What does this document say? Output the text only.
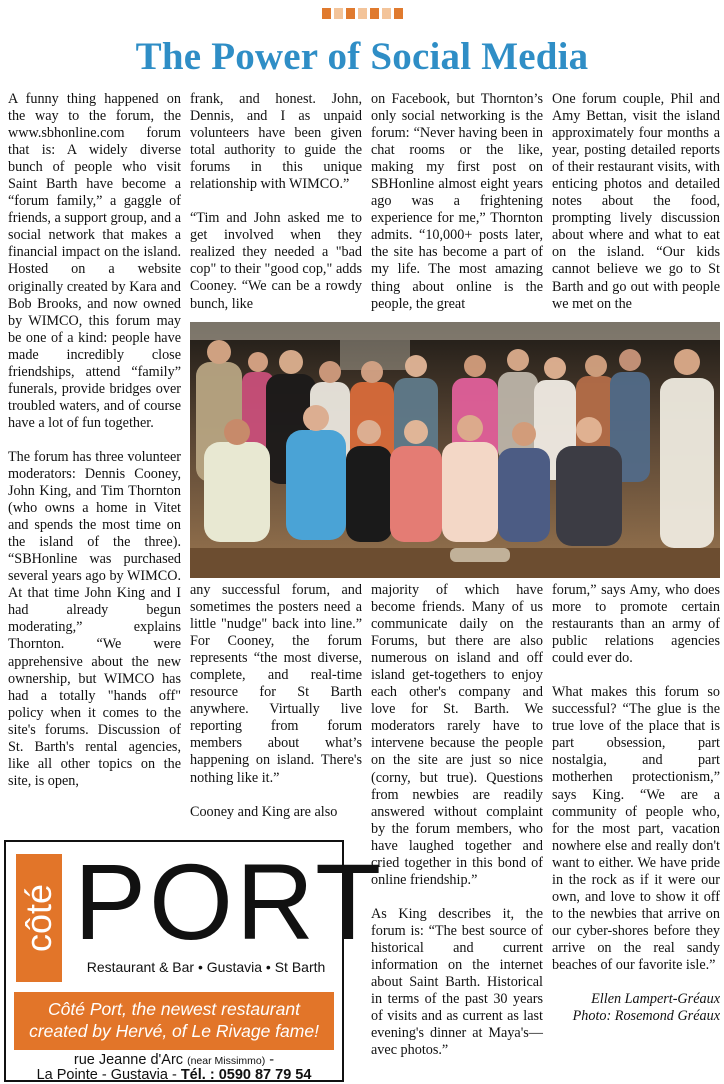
The Power of Social Media

A funny thing happened on the way to the forum, the www.sbhonline.com forum that is: A widely diverse bunch of people who visit Saint Barth have become a “forum family,” a gaggle of friends, a support group, and a social network that makes a financial impact on the island. Hosted on a website originally created by Kara and Bob Brooks, and now owned by WIMCO, this forum may be one of a kind: people have made incredibly close friendships, attend “family” funerals, provide bridges over troubled waters, and of course have a lot of fun together.

The forum has three volunteer moderators: Dennis Cooney, John King, and Tim Thornton (who owns a home in Vitet and spends the most time on the island of the three). “SBHonline was purchased several years ago by WIMCO. At that time John King and I had already begun moderating,” explains Thornton. “We were apprehensive about the new ownership, but WIMCO has had a totally "hands off" policy when it comes to the site's forums. Discussion of St. Barth's rental agencies, like all other topics on the site, is open,

frank, and honest. John, Dennis, and I as unpaid volunteers have been given total authority to guide the forums in this unique relationship with WIMCO.”

“Tim and John asked me to get involved when they realized they needed a "bad cop" to their "good cop," adds Cooney. “We can be a rowdy bunch, like

on Facebook, but Thornton’s only social networking is the forum: “Never having been in chat rooms or the like, making my first post on SBHonline almost eight years ago was a frightening experience for me,” Thornton admits. “10,000+ posts later, the site has become a part of my life. The most amazing thing about online is the people, the great

One forum couple, Phil and Amy Bettan, visit the island approximately four months a year, posting detailed reports of their restaurant visits, with enticing photos and detailed notes about the food, prompting lively discussion about where and what to eat on the island. “Our kids cannot believe we go to St Barth and go out with people we met on the

any successful forum, and sometimes the posters need a little "nudge" back into line.” For Cooney, the forum represents “the most diverse, complete, and real-time resource for St Barth anywhere. Virtually live reporting from forum members about what’s happening on island. There's nothing like it.”

Cooney and King are also

majority of which have become friends. Many of us communicate daily on the Forums, but there are also numerous on island and off island get-togethers to enjoy each other's company and love for St. Barth. We moderators rarely have to intervene because the people on the site are just so nice (corny, but true). Questions from newbies are readily answered without complaint by the forum members, who have laughed together and cried together in this bond of online friendship.”

As King describes it, the forum is: “The best source of historical and current information on the internet about Saint Barth. Historical in terms of the past 30 years of visits and as current as last evening's dinner at Maya's— avec photos.”

forum,” says Amy, who does more to promote certain restaurants than an army of public relations agencies could ever do.

What makes this forum so successful? “The glue is the true love of the place that is part obsession, part nostalgia, and part motherhen protectionism,” says King. “We are a community of people who, for the most part, vacation nowhere else and really don't want to either. We have pride in the rock as if it were our own, and love to show it off to the newbies that arrive on our cyber-shores before they arrive on the real sandy beaches of our favorite isle.”

Ellen Lampert-Gréaux
Photo: Rosemond Gréaux

côté PORT
Restaurant & Bar • Gustavia • St Barth
Côté Port, the newest restaurant
created by Hervé, of Le Rivage fame!
rue Jeanne d'Arc (near Missimmo) -
La Pointe - Gustavia - Tél. : 0590 87 79 54
